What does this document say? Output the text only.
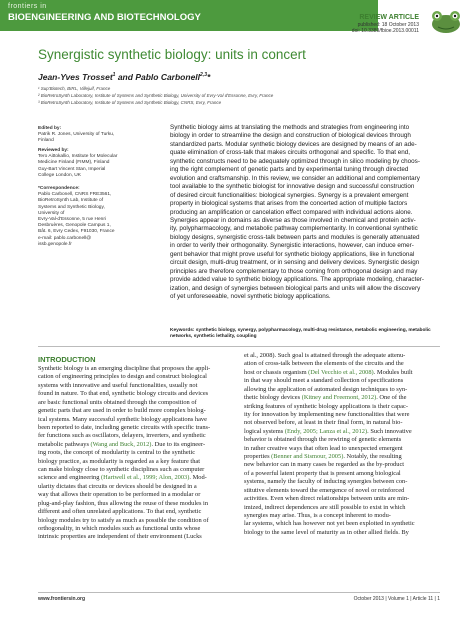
frontiers in
BIOENGINEERING AND BIOTECHNOLOGY	REVIEW ARTICLE
published: 18 October 2013
doi: 10.3389/fbioe.2013.00011
Synergistic synthetic biology: units in concert
Jean-Yves Trosset$^1$ and Pablo Carbonell$^{2,3}$*
¹ Sup'Biotech, BIRL, Villejuif, France
² BioRetroSynth Laboratory, Institute of Systems and Synthetic Biology, University of Evry-Val d'Essonne, Evry, France
³ BioRetroSynth Laboratory, Institute of Systems and Synthetic Biology, CNRS, Evry, France
Edited by:
Patrik R. Jones, University of Turku,
Finland
Reviewed by:
Tero Aittokallio, Institute for Molecular
Medicine Finland (FIMM), Finland
Guy-Bart Vincent Stan, Imperial
College London, UK
*Correspondence:
Pablo Carbonell, CNRS FRE3561,
BioRetroSynth Lab, Institute of
Systems and Synthetic Biology,
University of
Evry-Val-d'Essonne, 5 rue Henri
Desbruères, Genopole Campus 1,
Bât. 6, Evry Cedex, F91030, France
e-mail: pablo.carbonell@
issb.genopole.fr
Synthetic biology aims at translating the methods and strategies from engineering into
biology in order to streamline the design and construction of biological devices through
standardized parts. Modular synthetic biology devices are designed by means of an ade-
quate elimination of cross-talk that makes circuits orthogonal and specific. To that end,
synthetic constructs need to be adequately optimized through in silico modeling by choos-
ing the right complement of genetic parts and by experimental tuning through directed
evolution and craftsmanship. In this review, we consider an additional and complementary
tool available to the synthetic biologist for innovative design and successful construction
of desired circuit functionalities: biological synergies. Synergy is a prevalent emergent
property in biological systems that arises from the concerted action of multiple factors
producing an amplification or cancelation effect compared with individual actions alone.
Synergies appear in domains as diverse as those involved in chemical and protein activ-
ity, polypharmacology, and metabolic pathway complementarity. In conventional synthetic
biology designs, synergistic cross-talk between parts and modules is generally attenuated
in order to verify their orthogonality. Synergistic interactions, however, can induce emer-
gent behavior that might prove useful for synthetic biology applications, like in functional
circuit design, multi-drug treatment, or in sensing and delivery devices. Synergistic design
principles are therefore complementary to those coming from orthogonal design and may
provide added value to synthetic biology applications. The appropriate modeling, character-
ization, and design of synergies between biological parts and units will allow the discovery
of yet unforeseeable, novel synthetic biology applications.
Keywords: synthetic biology, synergy, polypharmacology, multi-drug resistance, metabolic engineering, metabolic
networks, synthetic lethality, coupling
INTRODUCTION
Synthetic biology is an emerging discipline that proposes the appli-
cation of engineering principles to design and construct biological
systems with innovative and useful functionalities, usually not
found in nature. To that end, synthetic biology circuits and devices
are basic functional units obtained through the composition of
genetic parts that are used in order to build more complex biolog-
ical systems. Many successful synthetic biology applications have
been reported to date, including genetic circuits with specific trans-
fer functions such as oscillators, delayers, inverters, and synthetic
metabolic pathways (Wang and Buck, 2012). Due to its engineer-
ing roots, the concept of modularity is central to the synthetic
biology practice, as modularity is regarded as a key feature that
can make biology close to synthetic disciplines such as computer
science and engineering (Hartwell et al., 1999; Alon, 2003). Mod-
ularity dictates that circuits or devices should be designed in a
way that allows their operation to be performed in a modular or
plug-and-play fashion, thus allowing the reuse of these modules in
different and often unrelated applications. To that end, synthetic
biology modules try to satisfy as much as possible the condition of
orthogonality, in which modules such as functional units whose
intrinsic properties are independent of their environment (Lucks
et al., 2008). Such goal is attained through the adequate attenu-
ation of cross-talk between the elements of the circuits and the
host or chassis organism (Del Vecchio et al., 2008). Modules built
in that way should meet a standard collection of specifications
allowing the application of automated design techniques to syn-
thetic biology devices (Kitney and Freemont, 2012). One of the
striking features of synthetic biology applications is their capac-
ity for innovation by implementing new functionalities that were
not observed before, at least in their final form, in natural bio-
logical systems (Endy, 2005; Lanza et al., 2012). Such innovative
behavior is obtained through the rewiring of genetic elements
in rather creative ways that often lead to unexpected emergent
properties (Benner and Sismour, 2005). Notably, the resulting
new behavior can in many cases be regarded as the by-product
of a powerful latent property that is present among biological
systems, namely the faculty of inducing synergies between con-
stitutive elements toward the emergence of novel or reinforced
activities. Even when direct relationships between units are min-
imized, indirect dependences are still possible to exist in which
synergies may arise. Thus, is a concept inherent to modu-
lar systems, which has however not yet been exploited in synthetic
biology to the same level of maturity as in other allied fields. By
www.frontiersin.org	October 2013 | Volume 1 | Article 11 | 1
